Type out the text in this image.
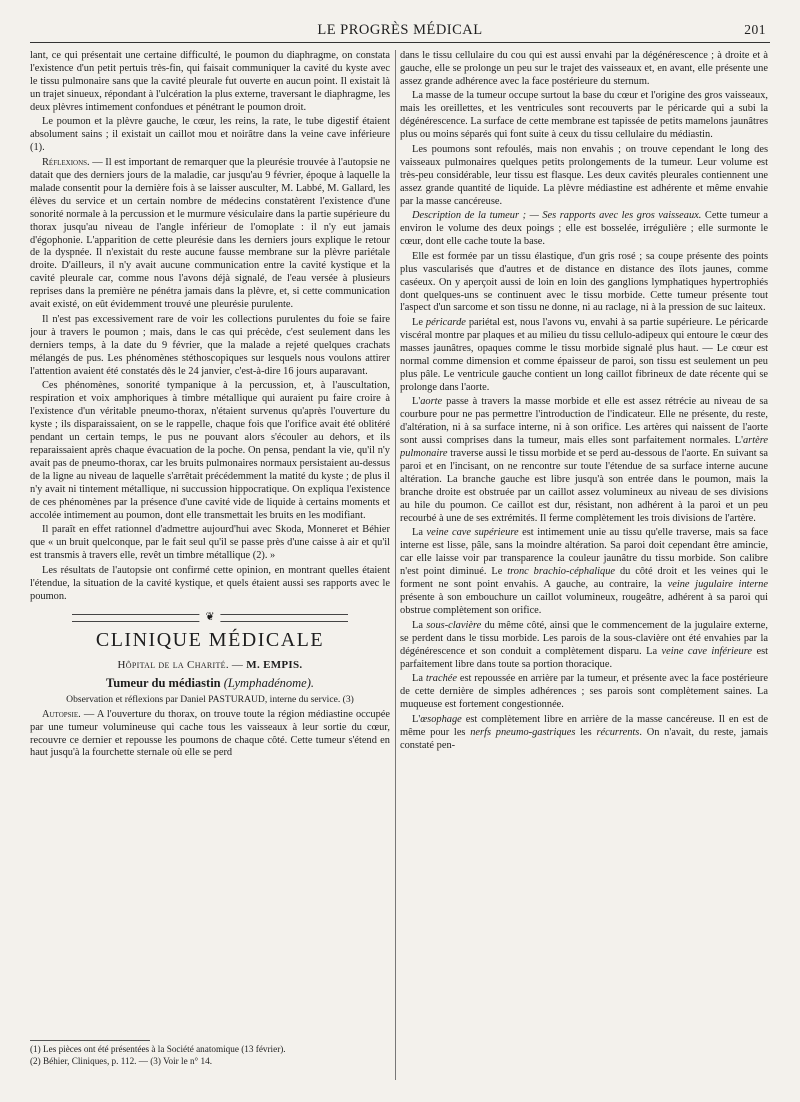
LE PROGRÈS MÉDICAL	201

lant, ce qui présentait une certaine difficulté, le poumon du diaphragme, on constata l'existence d'un petit pertuis très-fin, qui faisait communiquer la cavité du kyste avec le tissu pulmonaire sans que la cavité pleurale fut ouverte en aucun point. Il existait là un trajet sinueux, répondant à l'ulcération la plus externe, traversant le diaphragme, les deux plèvres intimement confondues et pénétrant le poumon droit.

Le poumon et la plèvre gauche, le cœur, les reins, la rate, le tube digestif étaient absolument sains ; il existait un caillot mou et noirâtre dans la veine cave inférieure (1).

Réflexions. — Il est important de remarquer que la pleurésie trouvée à l'autopsie ne datait que des derniers jours de la maladie, car jusqu'au 9 février, époque à laquelle la malade consentit pour la dernière fois à se laisser ausculter, M. Labbé, M. Gallard, les élèves du service et un certain nombre de médecins constatèrent l'existence d'une sonorité normale à la percussion et le murmure vésiculaire dans la partie supérieure du thorax jusqu'au niveau de l'angle inférieur de l'omoplate : il n'y eut jamais d'égophonie. L'apparition de cette pleurésie dans les derniers jours explique le retour de la dyspnée. Il n'existait du reste aucune fausse membrane sur la plèvre pariétale droite. D'ailleurs, il n'y avait aucune communication entre la cavité kystique et la cavité pleurale car, comme nous l'avons déjà signalé, de l'eau versée à plusieurs reprises dans la première ne pénétra jamais dans la plèvre, et, si cette communication avait existé, on eût évidemment trouvé une pleurésie purulente.

Il n'est pas excessivement rare de voir les collections purulentes du foie se faire jour à travers le poumon ; mais, dans le cas qui précède, c'est seulement dans les derniers temps, à la date du 9 février, que la malade a rejeté quelques crachats mélangés de pus. Les phénomènes stéthoscopiques sur lesquels nous voulons attirer l'attention avaient été constatés dès le 24 janvier, c'est-à-dire 16 jours auparavant.

Ces phénomènes, sonorité tympanique à la percussion, et, à l'auscultation, respiration et voix amphoriques à timbre métallique qui auraient pu faire croire à l'existence d'un véritable pneumo-thorax, n'étaient survenus qu'après l'ouverture du kyste ; ils disparaissaient, on se le rappelle, chaque fois que l'orifice avait été oblitéré pendant un certain temps, le pus ne pouvant alors s'écouler au dehors, et ils reparaissaient après chaque évacuation de la poche. On pensa, pendant la vie, qu'il n'y avait pas de pneumo-thorax, car les bruits pulmonaires normaux persistaient au-dessus de la ligne au niveau de laquelle s'arrêtait précédemment la matité du kyste ; de plus il n'y avait ni tintement métallique, ni succussion hippocratique. On expliqua l'existence de ces phénomènes par la présence d'une cavité vide de liquide à certains moments et accolée intimement au poumon, dont elle transmettait les bruits en les modifiant.

Il paraît en effet rationnel d'admettre aujourd'hui avec Skoda, Monneret et Béhier que « un bruit quelconque, par le fait seul qu'il se passe près d'une caisse à air et qu'il est transmis à travers elle, revêt un timbre métallique (2). »

Les résultats de l'autopsie ont confirmé cette opinion, en montrant quelles étaient l'étendue, la situation de la cavité kystique, et quels étaient aussi ses rapports avec le poumon.

❦
CLINIQUE MÉDICALE
Hôpital de la Charité. — M. EMPIS.
Tumeur du médiastin (Lymphadénome).
Observation et réflexions par Daniel PASTURAUD, interne du service. (3)

Autopsie. — A l'ouverture du thorax, on trouve toute la région médiastine occupée par une tumeur volumineuse qui cache tous les vaisseaux à leur sortie du cœur, recouvre ce dernier et repousse les poumons de chaque côté. Cette tumeur s'étend en haut jusqu'à la fourchette sternale où elle se perd

(1) Les pièces ont été présentées à la Société anatomique (13 février).
(2) Béhier, Cliniques, p. 112. — (3) Voir le n° 14.

dans le tissu cellulaire du cou qui est aussi envahi par la dégénérescence ; à droite et à gauche, elle se prolonge un peu sur le trajet des vaisseaux et, en avant, elle présente une assez grande adhérence avec la face postérieure du sternum.

La masse de la tumeur occupe surtout la base du cœur et l'origine des gros vaisseaux, mais les oreillettes, et les ventricules sont recouverts par le péricarde qui a subi la dégénérescence. La surface de cette membrane est tapissée de petits mamelons jaunâtres plus ou moins séparés qui font suite à ceux du tissu cellulaire du médiastin.

Les poumons sont refoulés, mais non envahis ; on trouve cependant le long des vaisseaux pulmonaires quelques petits prolongements de la tumeur. Leur volume est très-peu considérable, leur tissu est flasque. Les deux cavités pleurales contiennent une assez grande quantité de liquide. La plèvre médiastine est adhérente et même envahie par la masse cancéreuse.

Description de la tumeur ; — Ses rapports avec les gros vaisseaux. Cette tumeur a environ le volume des deux poings ; elle est bosselée, irrégulière ; elle surmonte le cœur, dont elle cache toute la base.

Elle est formée par un tissu élastique, d'un gris rosé ; sa coupe présente des points plus vascularisés que d'autres et de distance en distance des îlots jaunes, comme caséeux. On y aperçoit aussi de loin en loin des ganglions lymphatiques hypertrophiés dont quelques-uns se continuent avec le tissu morbide. Cette tumeur présente tout l'aspect d'un sarcome et son tissu ne donne, ni au raclage, ni à la pression de suc laiteux.

Le péricarde pariétal est, nous l'avons vu, envahi à sa partie supérieure. Le péricarde viscéral montre par plaques et au milieu du tissu cellulo-adipeux qui entoure le cœur des masses jaunâtres, opaques comme le tissu morbide signalé plus haut. — Le cœur est normal comme dimension et comme épaisseur de paroi, son tissu est seulement un peu plus pâle. Le ventricule gauche contient un long caillot fibrineux de date récente qui se prolonge dans l'aorte.

L'aorte passe à travers la masse morbide et elle est assez rétrécie au niveau de sa courbure pour ne pas permettre l'introduction de l'indicateur. Elle ne présente, du reste, d'altération, ni à sa surface interne, ni à son orifice. Les artères qui naissent de l'aorte sont aussi comprises dans la tumeur, mais elles sont parfaitement normales. L'artère pulmonaire traverse aussi le tissu morbide et se perd au-dessous de l'aorte. En suivant sa paroi et en l'incisant, on ne rencontre sur toute l'étendue de sa surface interne aucune altération. La branche gauche est libre jusqu'à son entrée dans le poumon, mais la branche droite est obstruée par un caillot assez volumineux au niveau de ses divisions au hile du poumon. Ce caillot est dur, résistant, non adhérent à la paroi et un peu recourbé à une de ses extrémités. Il ferme complètement les trois divisions de l'artère.

La veine cave supérieure est intimement unie au tissu qu'elle traverse, mais sa face interne est lisse, pâle, sans la moindre altération. Sa paroi doit cependant être amincie, car elle laisse voir par transparence la couleur jaunâtre du tissu morbide. Son calibre n'est point diminué. Le tronc brachio-céphalique du côté droit et les veines qui le forment ne sont point envahis. A gauche, au contraire, la veine jugulaire interne présente à son embouchure un caillot volumineux, rougeâtre, adhérent à sa paroi qui obstrue complètement son orifice.

La sous-clavière du même côté, ainsi que le commencement de la jugulaire externe, se perdent dans le tissu morbide. Les parois de la sous-clavière ont été envahies par la dégénérescence et son conduit a complètement disparu. La veine cave inférieure est parfaitement libre dans toute sa portion thoracique.

La trachée est repoussée en arrière par la tumeur, et présente avec la face postérieure de cette dernière de simples adhérences ; ses parois sont complètement saines. La muqueuse est fortement congestionnée.

L'œsophage est complètement libre en arrière de la masse cancéreuse. Il en est de même pour les nerfs pneumo-gastriques les récurrents. On n'avait, du reste, jamais constaté pen-
